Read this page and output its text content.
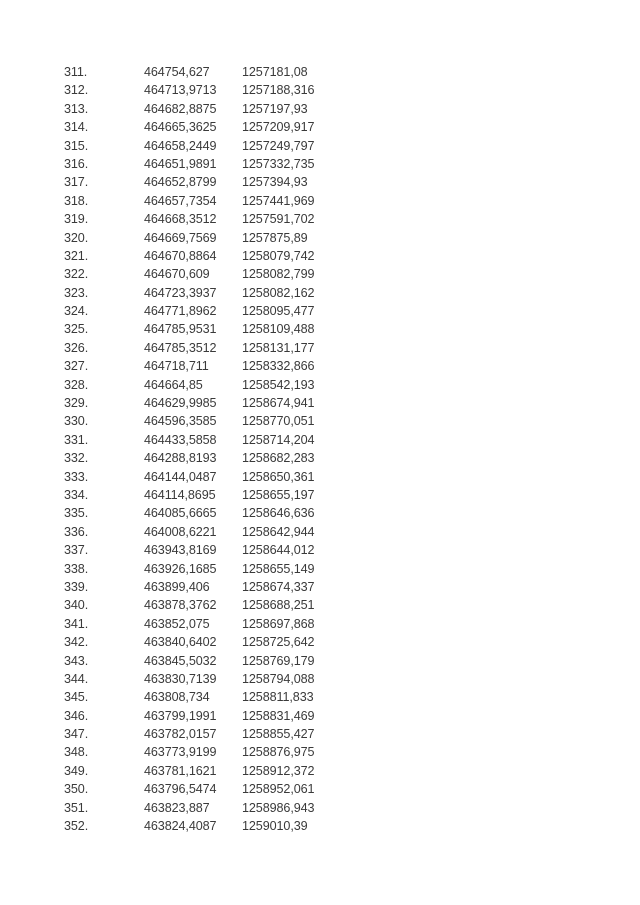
311.	464754,627	1257181,08
312.	464713,9713 1257188,316
313.	464682,8875 1257197,93
314.	464665,3625 1257209,917
315.	464658,2449 1257249,797
316.	464651,9891 1257332,735
317.	464652,8799 1257394,93
318.	464657,7354 1257441,969
319.	464668,3512 1257591,702
320.	464669,7569 1257875,89
321.	464670,8864 1258079,742
322.	464670,609	1258082,799
323.	464723,3937 1258082,162
324.	464771,8962 1258095,477
325.	464785,9531 1258109,488
326.	464785,3512 1258131,177
327.	464718,711	1258332,866
328.	464664,85	1258542,193
329.	464629,9985 1258674,941
330.	464596,3585 1258770,051
331.	464433,5858 1258714,204
332.	464288,8193 1258682,283
333.	464144,0487 1258650,361
334.	464114,8695 1258655,197
335.	464085,6665 1258646,636
336.	464008,6221 1258642,944
337.	463943,8169 1258644,012
338.	463926,1685 1258655,149
339.	463899,406	1258674,337
340.	463878,3762 1258688,251
341.	463852,075	1258697,868
342.	463840,6402 1258725,642
343.	463845,5032 1258769,179
344.	463830,7139 1258794,088
345.	463808,734	1258811,833
346.	463799,1991 1258831,469
347.	463782,0157 1258855,427
348.	463773,9199 1258876,975
349.	463781,1621 1258912,372
350.	463796,5474 1258952,061
351.	463823,887	1258986,943
352.	463824,4087 1259010,39
